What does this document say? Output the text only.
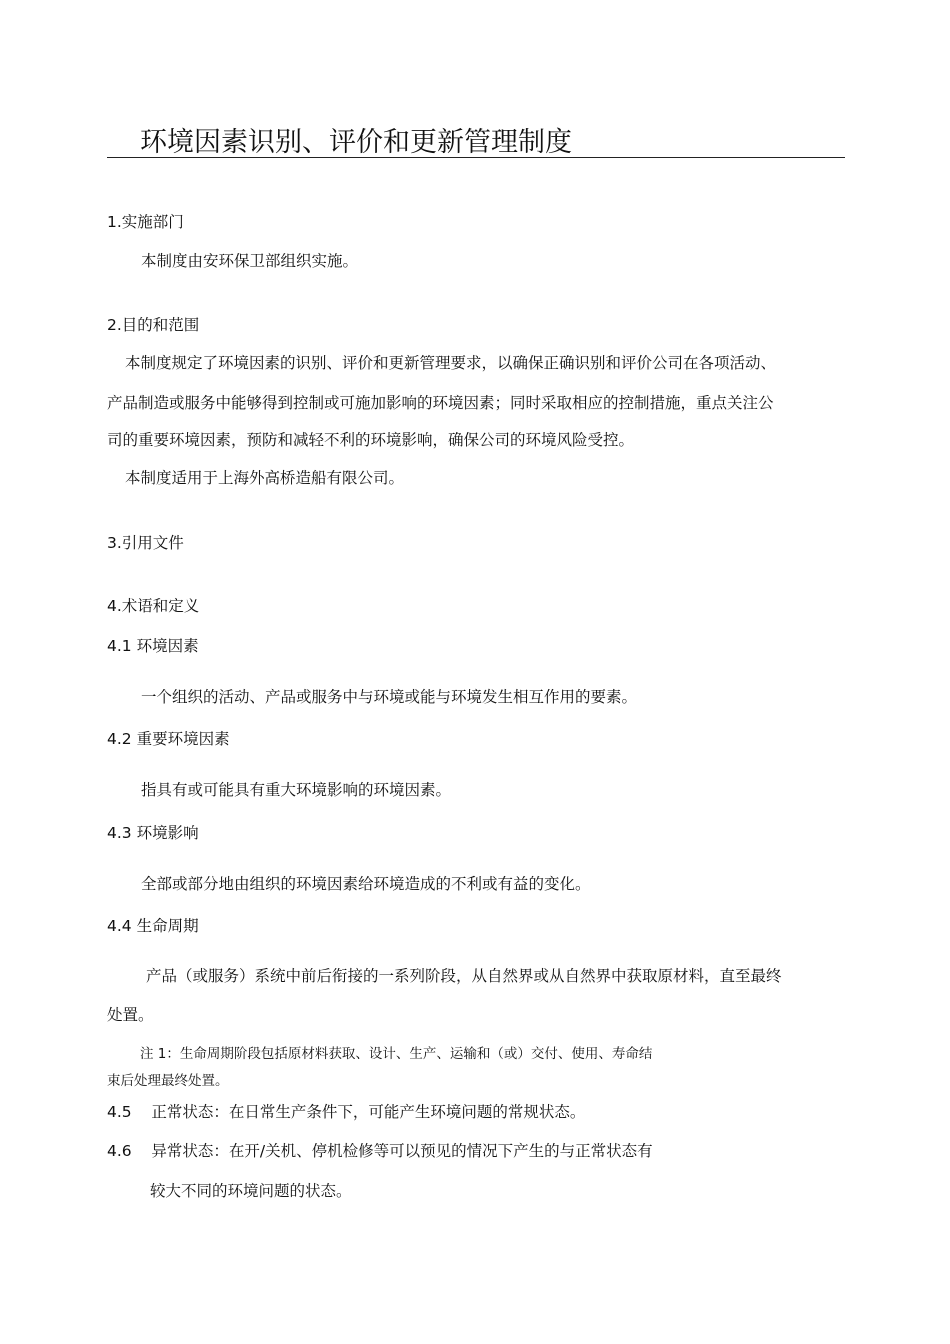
环境因素识别、评价和更新管理制度
1.实施部门
本制度由安环保卫部组织实施。
2.目的和范围
本制度规定了环境因素的识别、评价和更新管理要求，以确保正确识别和评价公司在各项活动、
产品制造或服务中能够得到控制或可施加影响的环境因素；同时采取相应的控制措施，重点关注公
司的重要环境因素，预防和减轻不利的环境影响，确保公司的环境风险受控。
本制度适用于上海外高桥造船有限公司。
3.引用文件
4.术语和定义
4.1 环境因素
一个组织的活动、产品或服务中与环境或能与环境发生相互作用的要素。
4.2 重要环境因素
指具有或可能具有重大环境影响的环境因素。
4.3 环境影响
全部或部分地由组织的环境因素给环境造成的不利或有益的变化。
4.4 生命周期
产品（或服务）系统中前后衔接的一系列阶段，从自然界或从自然界中获取原材料，直至最终
处置。
注 1：生命周期阶段包括原材料获取、设计、生产、运输和（或）交付、使用、寿命结
束后处理最终处置。
4.5    正常状态：在日常生产条件下，可能产生环境问题的常规状态。
4.6    异常状态：在开/关机、停机检修等可以预见的情况下产生的与正常状态有
较大不同的环境问题的状态。
